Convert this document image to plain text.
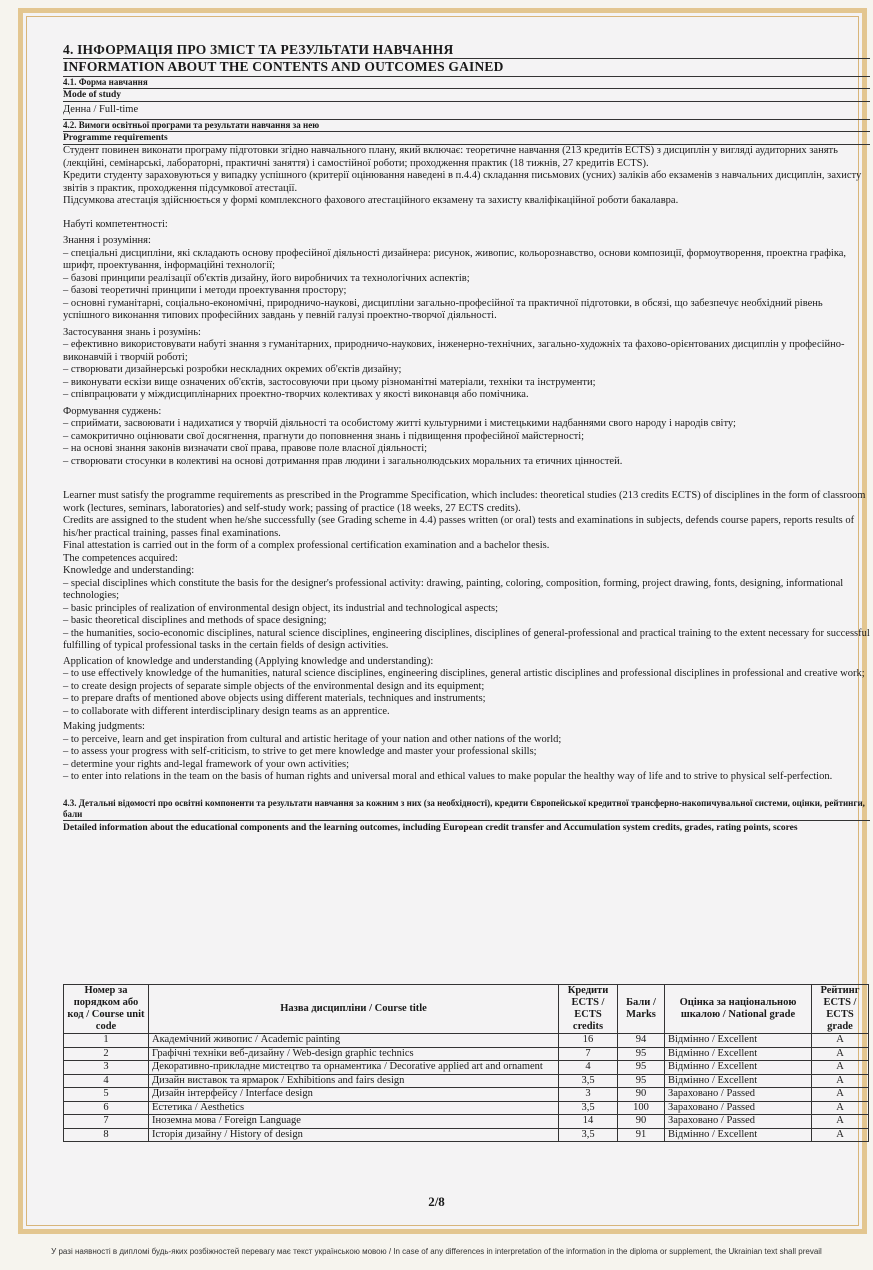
4. ІНФОРМАЦІЯ ПРО ЗМІСТ ТА РЕЗУЛЬТАТИ НАВЧАННЯ
INFORMATION ABOUT THE CONTENTS AND OUTCOMES GAINED
4.1. Форма навчання
Mode of study
Денна / Full-time
4.2. Вимоги освітньої програми та результати навчання за нею
Programme requirements

Студент повинен виконати програму підготовки згідно навчального плану, який включає: теоретичне навчання (213 кредитів ECTS) з дисциплін у вигляді аудиторних занять (лекційні, семінарські, лабораторні, практичні заняття) і самостійної роботи; проходження практик (18 тижнів, 27 кредитів ECTS).

Кредити студенту зараховуються у випадку успішного (критерії оцінювання наведені в п.4.4) складання письмових (усних) заліків або екзаменів з навчальних дисциплін, захисту звітів з практик, проходження підсумкової атестації.

Підсумкова атестація здійснюється у формі комплексного фахового атестаційного екзамену та захисту кваліфікаційної роботи бакалавра.

Набуті компетентності:

Знання і розуміння:

– спеціальні дисципліни, які складають основу професійної діяльності дизайнера: рисунок, живопис, кольорознавство, основи композиції, формоутворення, проектна графіка, шрифт, проектування, інформаційні технології;

– базові принципи реалізації об'єктів дизайну, його виробничих та технологічних аспектів;

– базові теоретичні принципи і методи проектування простору;

– основні гуманітарні, соціально-економічні, природничо-наукові, дисципліни загально-професійної та практичної підготовки, в обсязі, що забезпечує необхідний рівень успішного виконання типових професійних завдань у певній галузі проектно-творчої діяльності.

Застосування знань і розумінь:

– ефективно використовувати набуті знання з гуманітарних, природничо-наукових, інженерно-технічних, загально-художніх та фахово-орієнтованих дисциплін у професійно-виконавчій і творчій роботі;

– створювати дизайнерські розробки нескладних окремих об'єктів дизайну;

– виконувати ескізи вище означених об'єктів, застосовуючи при цьому різноманітні матеріали, техніки та інструменти;

– співпрацювати у міждисциплінарних проектно-творчих колективах у якості виконавця або помічника.

Формування суджень:

– сприймати, засвоювати і надихатися у творчій діяльності та особистому житті культурними і мистецькими надбаннями свого народу і народів світу;

– самокритично оцінювати свої досягнення, прагнути до поповнення знань і підвищення професійної майстерності;

– на основі знання законів визначати свої права, правове поле власної діяльності;

– створювати стосунки в колективі на основі дотримання прав людини і загальнолюдських моральних та етичних цінностей.

Learner must satisfy the programme requirements as prescribed in the Programme Specification, which includes: theoretical studies (213 credits ECTS) of disciplines in the form of classroom work (lectures, seminars, laboratories) and self-study work; passing of practice (18 weeks, 27 ECTS credits).

Credits are assigned to the student when he/she successfully (see Grading scheme in 4.4) passes written (or oral) tests and examinations in subjects, defends course papers, reports results of his/her practical training, passes final examinations.

Final attestation is carried out in the form of a complex professional certification examination and a bachelor thesis.

The competences acquired:

Knowledge and understanding:

– special disciplines which constitute the basis for the designer's professional activity: drawing, painting, coloring, composition, forming, project drawing, fonts, designing, informational technologies;

– basic principles of realization of environmental design object, its industrial and technological aspects;

– basic theoretical disciplines and methods of space designing;

– the humanities, socio-economic disciplines, natural science disciplines, engineering disciplines, disciplines of general-professional and practical training to the extent necessary for successful fulfilling of typical professional tasks in the certain fields of design activities.

Application of knowledge and understanding (Applying knowledge and understanding):

– to use effectively knowledge of the humanities, natural science disciplines, engineering disciplines, general artistic disciplines and professional disciplines in professional and creative work;

– to create design projects of separate simple objects of the environmental design and its equipment;

– to prepare drafts of mentioned above objects using different materials, techniques and instruments;

– to collaborate with different interdisciplinary design teams as an apprentice.

Making judgments:

– to perceive, learn and get inspiration from cultural and artistic heritage of your nation and other nations of the world;

– to assess your progress with self-criticism, to strive to get mere knowledge and master your professional skills;

– determine your rights and-legal framework of your own activities;

– to enter into relations in the team on the basis of human rights and universal moral and ethical values to make popular the healthy way of life and to strive to physical self-perfection.

4.3. Детальні відомості про освітні компоненти та результати навчання за кожним з них (за необхідності), кредити Європейської кредитної трансферно-накопичувальної системи, оцінки, рейтинги, бали
Detailed information about the educational components and the learning outcomes, including European credit transfer and Accumulation system credits, grades, rating points, scores
Номер за порядком або код / Course unit code	Назва дисципліни / Course title	Кредити ECTS / ECTS credits	Бали / Marks	Оцінка за національною шкалою / National grade	Рейтинг ECTS / ECTS grade
1	Академічний живопис / Academic painting	16	94	Відмінно / Excellent	A
2	Графічні техніки веб-дизайну / Web-design graphic technics	7	95	Відмінно / Excellent	A
3	Декоративно-прикладне мистецтво та орнаментика / Decorative applied art and ornament	4	95	Відмінно / Excellent	A
4	Дизайн виставок та ярмарок / Exhibitions and fairs design	3,5	95	Відмінно / Excellent	A
5	Дизайн інтерфейсу / Interface design	3	90	Зараховано / Passed	A
6	Естетика / Aesthetics	3,5	100	Зараховано / Passed	A
7	Іноземна мова / Foreign Language	14	90	Зараховано / Passed	A
8	Історія дизайну / History of design	3,5	91	Відмінно / Excellent	A
2/8
У разі наявності в дипломі будь-яких розбіжностей перевагу має текст українською мовою / In case of any differences in interpretation of the information in the diploma or supplement, the Ukrainian text shall prevail
